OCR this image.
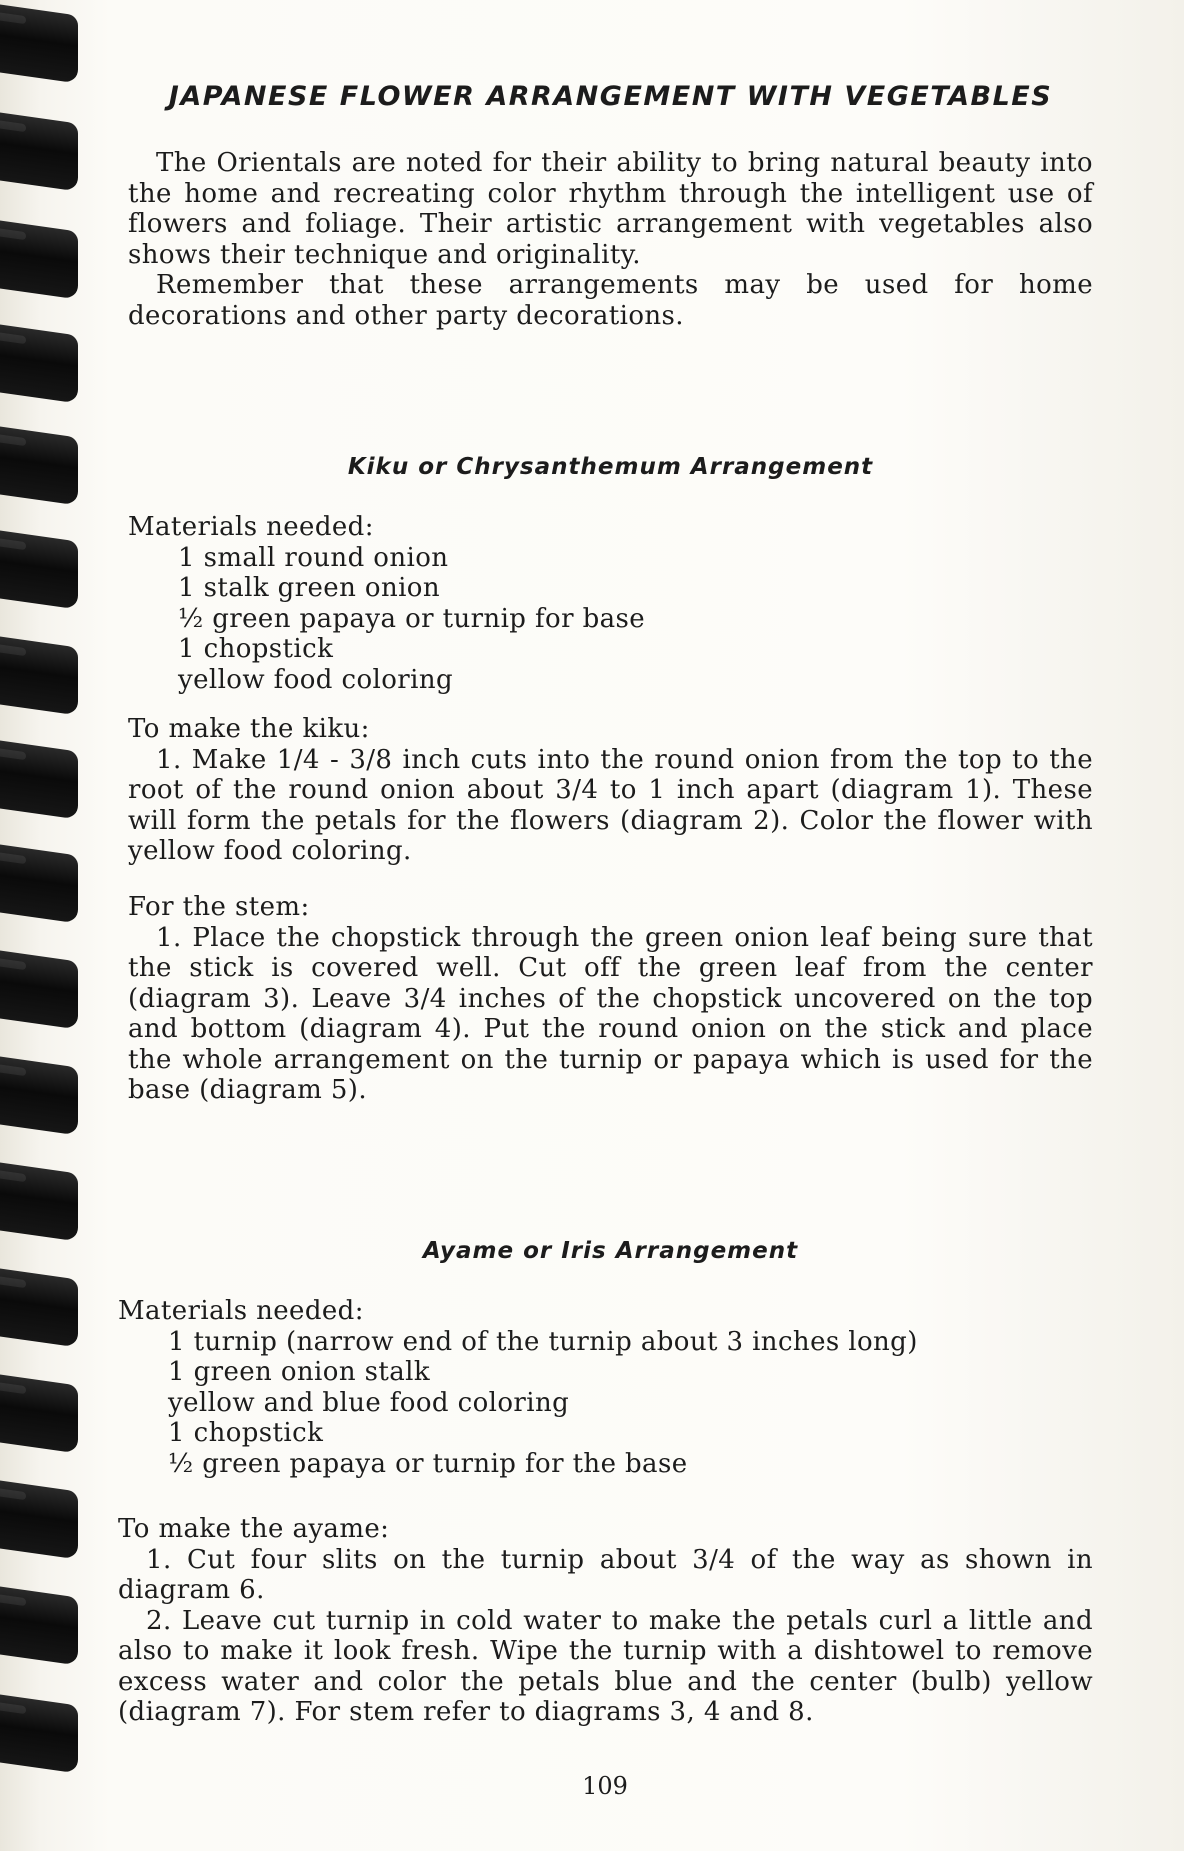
JAPANESE FLOWER ARRANGEMENT WITH VEGETABLES

The Orientals are noted for their ability to bring natural beauty into the home and recreating color rhythm through the intelligent use of flowers and foliage. Their artistic arrangement with vegetables also shows their technique and originality.

Remember that these arrangements may be used for home decorations and other party decorations.

Kiku or Chrysanthemum Arrangement

Materials needed:

1 small round onion
1 stalk green onion
½ green papaya or turnip for base
1 chopstick
yellow food coloring

To make the kiku:

1. Make 1/4 - 3/8 inch cuts into the round onion from the top to the root of the round onion about 3/4 to 1 inch apart (diagram 1). These will form the petals for the flowers (diagram 2). Color the flower with yellow food coloring.

For the stem:

1. Place the chopstick through the green onion leaf being sure that the stick is covered well. Cut off the green leaf from the center (diagram 3). Leave 3/4 inches of the chopstick uncovered on the top and bottom (diagram 4). Put the round onion on the stick and place the whole arrangement on the turnip or papaya which is used for the base (diagram 5).

Ayame or Iris Arrangement

Materials needed:

1 turnip (narrow end of the turnip about 3 inches long)
1 green onion stalk
yellow and blue food coloring
1 chopstick
½ green papaya or turnip for the base

To make the ayame:

1. Cut four slits on the turnip about 3/4 of the way as shown in diagram 6.

2. Leave cut turnip in cold water to make the petals curl a little and also to make it look fresh. Wipe the turnip with a dishtowel to remove excess water and color the petals blue and the center (bulb) yellow (diagram 7). For stem refer to diagrams 3, 4 and 8.

109
